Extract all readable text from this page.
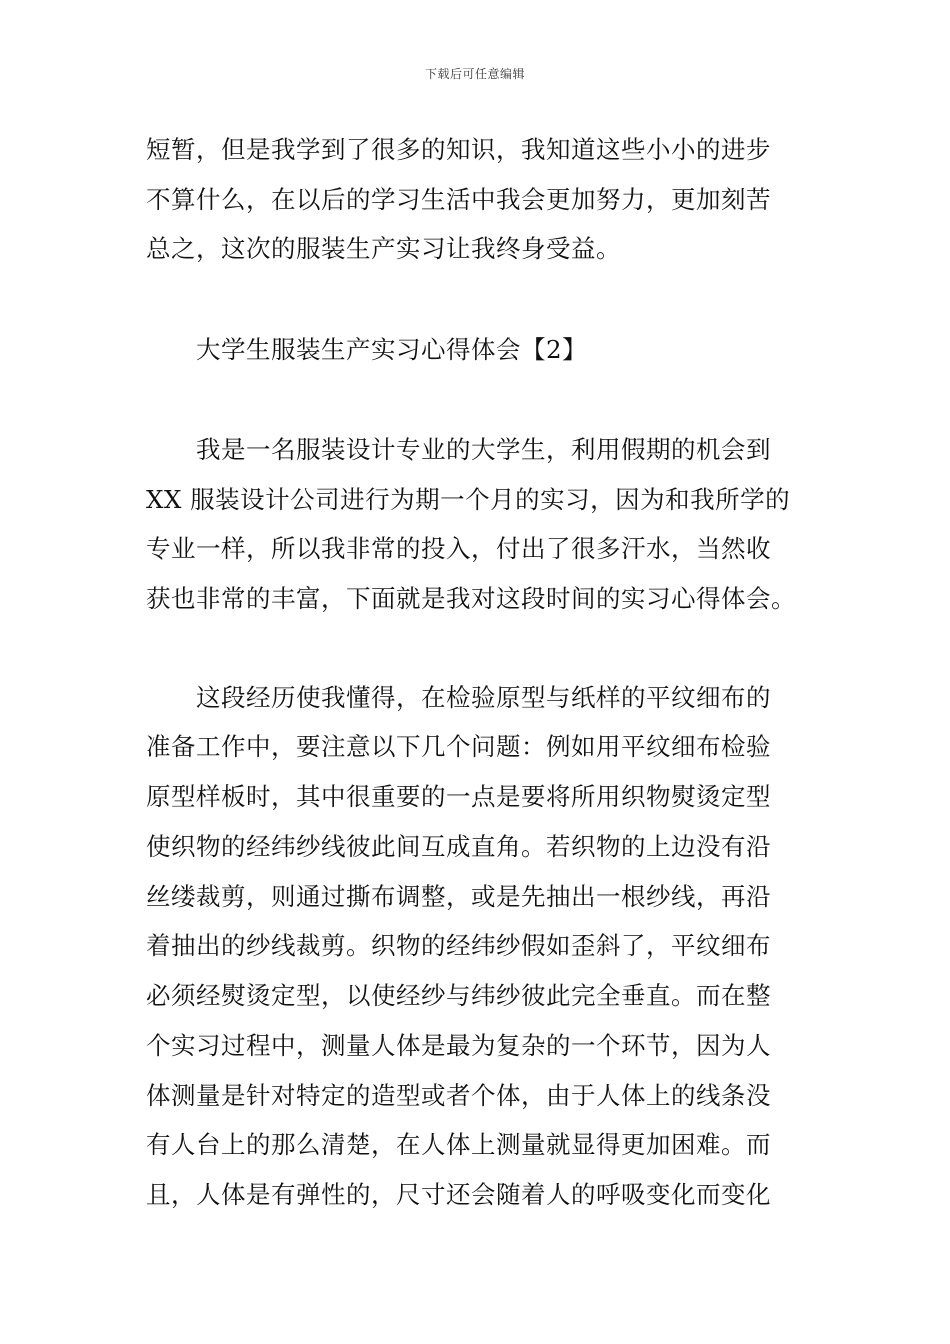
下载后可任意编辑
短暂，但是我学到了很多的知识，我知道这些小小的进步
不算什么，在以后的学习生活中我会更加努力，更加刻苦
总之，这次的服装生产实习让我终身受益。
大学生服装生产实习心得体会【2】
我是一名服装设计专业的大学生，利用假期的机会到
XX 服装设计公司进行为期一个月的实习，因为和我所学的
专业一样，所以我非常的投入，付出了很多汗水，当然收
获也非常的丰富，下面就是我对这段时间的实习心得体会。
这段经历使我懂得，在检验原型与纸样的平纹细布的
准备工作中，要注意以下几个问题：例如用平纹细布检验
原型样板时，其中很重要的一点是要将所用织物熨烫定型
使织物的经纬纱线彼此间互成直角。若织物的上边没有沿
丝缕裁剪，则通过撕布调整，或是先抽出一根纱线，再沿
着抽出的纱线裁剪。织物的经纬纱假如歪斜了，平纹细布
必须经熨烫定型，以使经纱与纬纱彼此完全垂直。而在整
个实习过程中，测量人体是最为复杂的一个环节，因为人
体测量是针对特定的造型或者个体，由于人体上的线条没
有人台上的那么清楚，在人体上测量就显得更加困难。而
且，人体是有弹性的，尺寸还会随着人的呼吸变化而变化
